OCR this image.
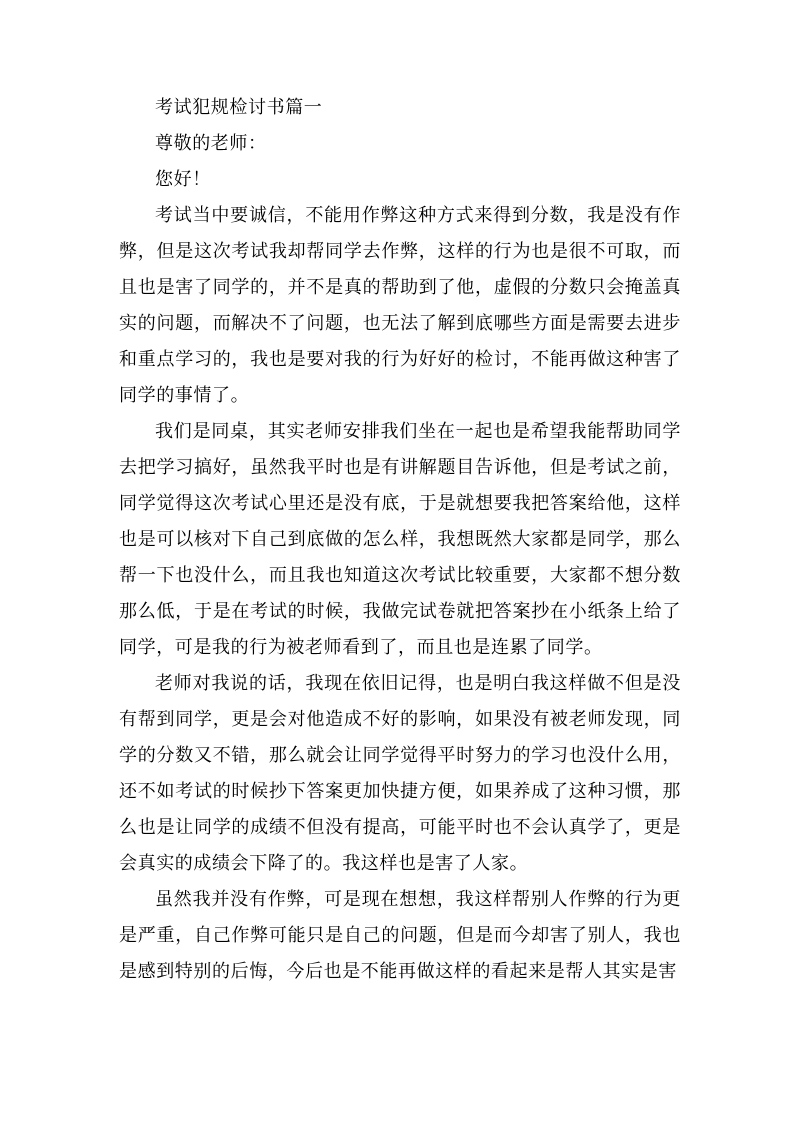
考试犯规检讨书篇一

尊敬的老师：

您好！

考试当中要诚信，不能用作弊这种方式来得到分数，我是没有作弊，但是这次考试我却帮同学去作弊，这样的行为也是很不可取，而且也是害了同学的，并不是真的帮助到了他，虚假的分数只会掩盖真实的问题，而解决不了问题，也无法了解到底哪些方面是需要去进步和重点学习的，我也是要对我的行为好好的检讨，不能再做这种害了同学的事情了。

我们是同桌，其实老师安排我们坐在一起也是希望我能帮助同学去把学习搞好，虽然我平时也是有讲解题目告诉他，但是考试之前，同学觉得这次考试心里还是没有底，于是就想要我把答案给他，这样也是可以核对下自己到底做的怎么样，我想既然大家都是同学，那么帮一下也没什么，而且我也知道这次考试比较重要，大家都不想分数那么低，于是在考试的时候，我做完试卷就把答案抄在小纸条上给了同学，可是我的行为被老师看到了，而且也是连累了同学。

老师对我说的话，我现在依旧记得，也是明白我这样做不但是没有帮到同学，更是会对他造成不好的影响，如果没有被老师发现，同学的分数又不错，那么就会让同学觉得平时努力的学习也没什么用，还不如考试的时候抄下答案更加快捷方便，如果养成了这种习惯，那么也是让同学的成绩不但没有提高，可能平时也不会认真学了，更是会真实的成绩会下降了的。我这样也是害了人家。

虽然我并没有作弊，可是现在想想，我这样帮别人作弊的行为更是严重，自己作弊可能只是自己的问题，但是而今却害了别人，我也是感到特别的后悔，今后也是不能再做这样的看起来是帮人其实是害
